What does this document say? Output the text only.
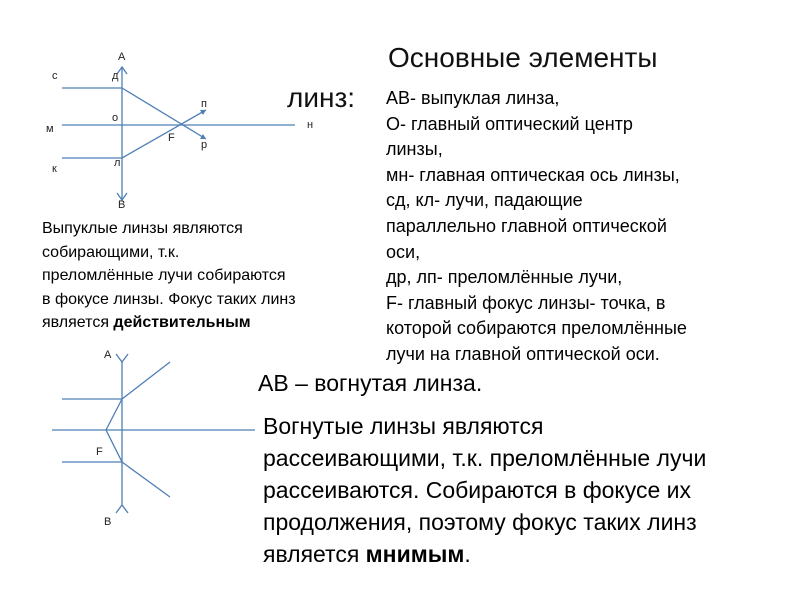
Основные элементы
линз:
А
В
с	д
м
о
к	л
F
п
р
н
АВ- выпуклая линза,
О- главный оптический центр
линзы,
мн- главная оптическая ось линзы,
сд, кл- лучи, падающие
параллельно главной оптической
оси,
др, лп- преломлённые лучи,
F- главный фокус линзы- точка, в
которой собираются преломлённые
лучи на главной оптической оси.
Выпуклые линзы являются
собирающими, т.к.
преломлённые лучи собираются
в фокусе линзы. Фокус таких линз
является действительным
А
В
F
АВ – вогнутая линза.
Вогнутые линзы являются
рассеивающими, т.к. преломлённые лучи
рассеиваются. Собираются в фокусе их
продолжения, поэтому фокус таких линз
является мнимым.
